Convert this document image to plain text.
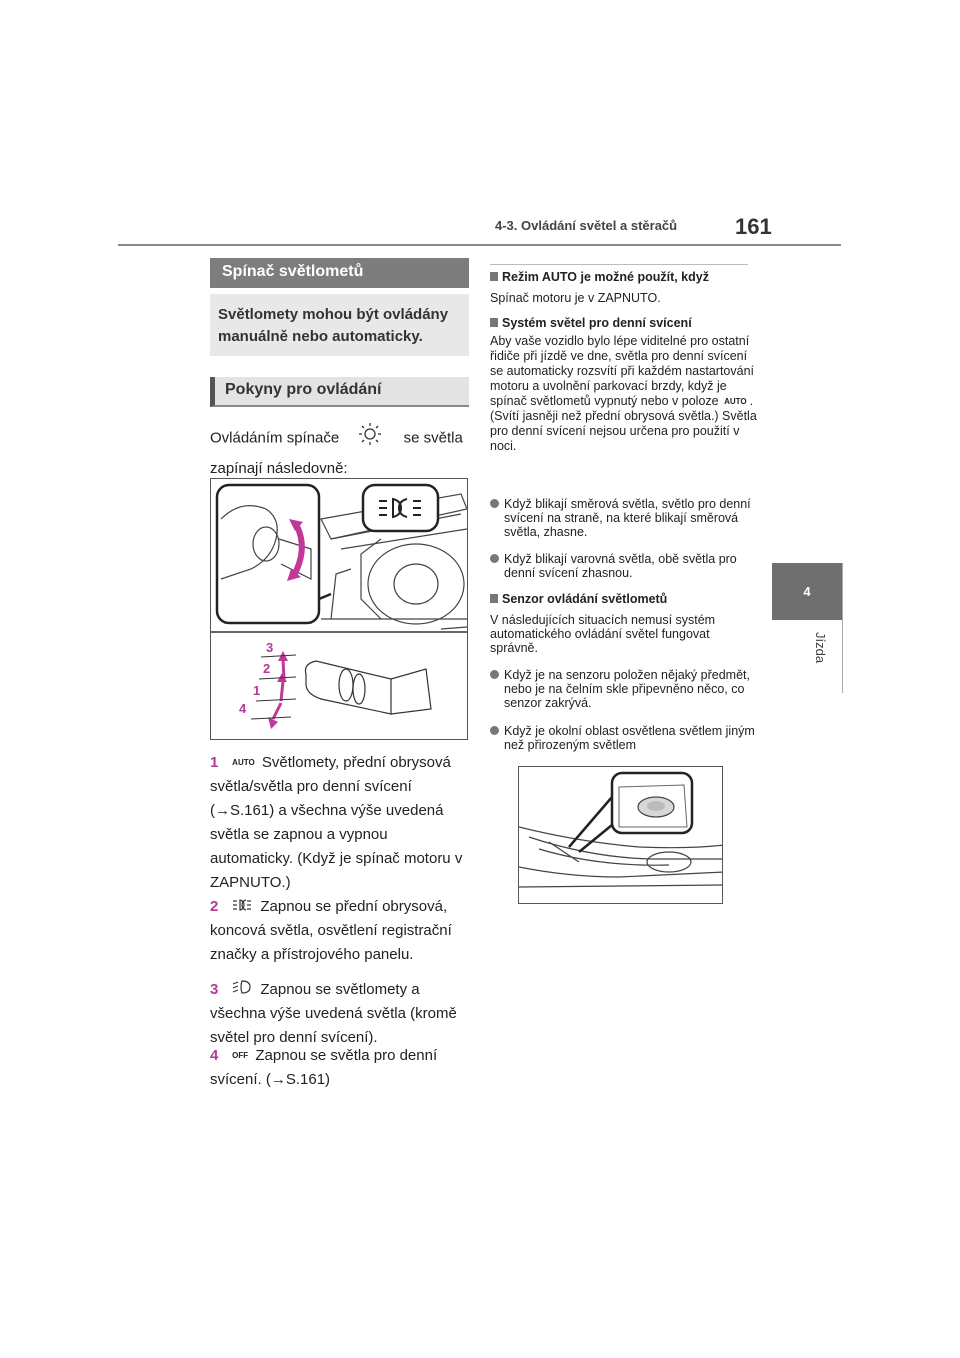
4-3. Ovládání světel a stěračů	161
4
Jízda
Spínač světlometů
Světlomety mohou být ovládány manuálně nebo automaticky.
Pokyny pro ovládání
Ovládáním spínače	se světla zapínají následovně:
3
2
1
4
1 AUTO Světlomety, přední obrysová světla/světla pro denní svícení (→S.161) a všechna výše uvedená světla se zapnou a vypnou automaticky. (Když je spínač motoru v ZAPNUTO.)
2	Zapnou se přední obrysová, koncová světla, osvětlení registrační značky a přístrojového panelu.
3	Zapnou se světlomety a všechna výše uvedená světla (kromě světel pro denní svícení).
4 OFF Zapnou se světla pro denní svícení. (→S.161)
Režim AUTO je možné použít, když
Spínač motoru je v ZAPNUTO.
Systém světel pro denní svícení
Aby vaše vozidlo bylo lépe viditelné pro ostatní řidiče při jízdě ve dne, světla pro denní svícení se automaticky rozsvítí při každém nastartování motoru a uvolnění parkovací brzdy, když je spínač světlometů vypnutý nebo v poloze AUTO . (Svítí jasněji než přední obrysová světla.) Světla pro denní svícení nejsou určena pro použití v noci.
Když blikají směrová světla, světlo pro denní svícení na straně, na které blikají směrová světla, zhasne.
Když blikají varovná světla, obě světla pro denní svícení zhasnou.
Senzor ovládání světlometů
V následujících situacích nemusí systém automatického ovládání světel fungovat správně.
Když je na senzoru položen nějaký předmět, nebo je na čelním skle připevněno něco, co senzor zakrývá.
Když je okolní oblast osvětlena světlem jiným než přirozeným světlem
